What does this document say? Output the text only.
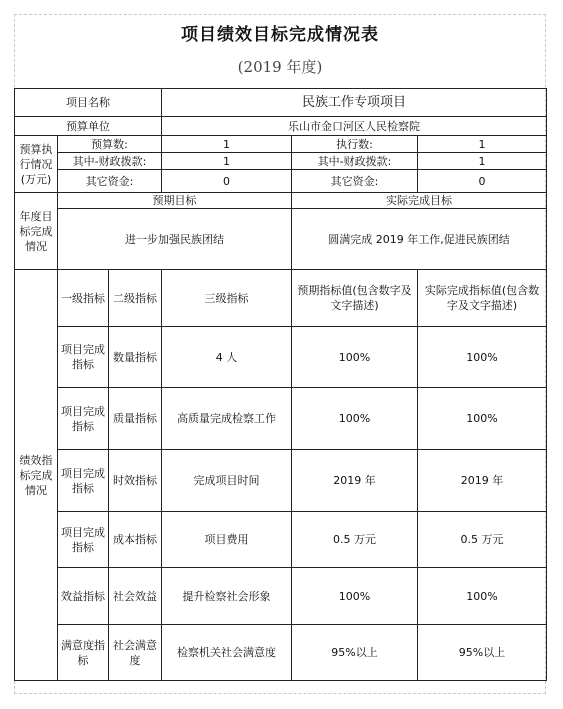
项目绩效目标完成情况表
(2019 年度)
项目名称			民族工作专项项目		
预算单位			乐山市金口河区人民检察院		
预算执行情况(万元)	预算数:		1	执行数:	1
	其中-财政拨款:		1	其中-财政拨款:	1
	其它资金:		0	其它资金:	0
年度目标完成情况	预期目标			实际完成目标	
	进一步加强民族团结			圆满完成 2019 年工作,促进民族团结	
绩效指标完成情况	一级指标	二级指标	三级指标	预期指标值(包含数字及文字描述)	实际完成指标值(包含数字及文字描述)
	项目完成指标	数量指标	4 人	100%	100%
	项目完成指标	质量指标	高质量完成检察工作	100%	100%
	项目完成指标	时效指标	完成项目时间	2019 年	2019 年
	项目完成指标	成本指标	项目费用	0.5 万元	0.5 万元
	效益指标	社会效益	提升检察社会形象	100%	100%
	满意度指标	社会满意度	检察机关社会满意度	95%以上	95%以上
